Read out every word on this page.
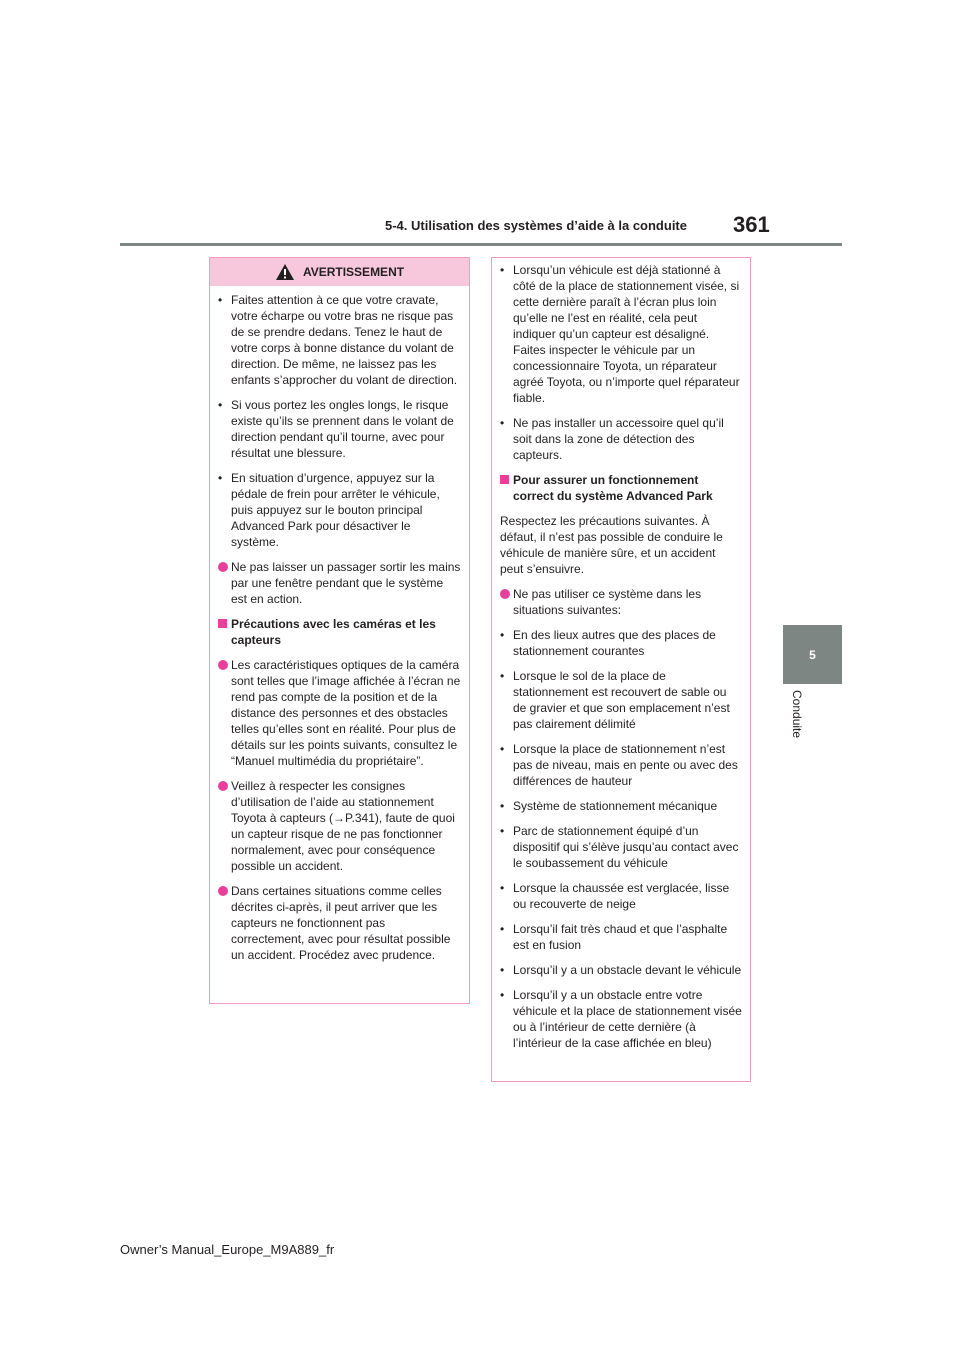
5-4. Utilisation des systèmes d’aide à la conduite	361
5
Conduite
AVERTISSEMENT
• Faites attention à ce que votre cravate, votre écharpe ou votre bras ne risque pas de se prendre dedans. Tenez le haut de votre corps à bonne distance du volant de direction. De même, ne laissez pas les enfants s’approcher du volant de direction.
• Si vous portez les ongles longs, le risque existe qu’ils se prennent dans le volant de direction pendant qu’il tourne, avec pour résultat une blessure.
• En situation d’urgence, appuyez sur la pédale de frein pour arrêter le véhicule, puis appuyez sur le bouton principal Advanced Park pour désactiver le système.
Ne pas laisser un passager sortir les mains par une fenêtre pendant que le système est en action.
Précautions avec les caméras et les capteurs
Les caractéristiques optiques de la caméra sont telles que l’image affichée à l’écran ne rend pas compte de la position et de la distance des personnes et des obstacles telles qu’elles sont en réalité. Pour plus de détails sur les points suivants, consultez le “Manuel multimédia du propriétaire”.
Veillez à respecter les consignes d’utilisation de l’aide au stationnement Toyota à capteurs (→P.341), faute de quoi un capteur risque de ne pas fonctionner normalement, avec pour conséquence possible un accident.
Dans certaines situations comme celles décrites ci-après, il peut arriver que les capteurs ne fonctionnent pas correctement, avec pour résultat possible un accident. Procédez avec prudence.
• Lorsqu’un véhicule est déjà stationné à côté de la place de stationnement visée, si cette dernière paraît à l’écran plus loin qu’elle ne l’est en réalité, cela peut indiquer qu’un capteur est désaligné. Faites inspecter le véhicule par un concessionnaire Toyota, un réparateur agréé Toyota, ou n’importe quel réparateur fiable.
• Ne pas installer un accessoire quel qu’il soit dans la zone de détection des capteurs.
Pour assurer un fonctionnement correct du système Advanced Park
Respectez les précautions suivantes. À défaut, il n’est pas possible de conduire le véhicule de manière sûre, et un accident peut s’ensuivre.
Ne pas utiliser ce système dans les situations suivantes:
• En des lieux autres que des places de stationnement courantes
• Lorsque le sol de la place de stationnement est recouvert de sable ou de gravier et que son emplacement n’est pas clairement délimité
• Lorsque la place de stationnement n’est pas de niveau, mais en pente ou avec des différences de hauteur
• Système de stationnement mécanique
• Parc de stationnement équipé d’un dispositif qui s’élève jusqu’au contact avec le soubassement du véhicule
• Lorsque la chaussée est verglacée, lisse ou recouverte de neige
• Lorsqu’il fait très chaud et que l’asphalte est en fusion
• Lorsqu’il y a un obstacle devant le véhicule
• Lorsqu’il y a un obstacle entre votre véhicule et la place de stationnement visée ou à l’intérieur de cette dernière (à l’intérieur de la case affichée en bleu)
Owner’s Manual_Europe_M9A889_fr
